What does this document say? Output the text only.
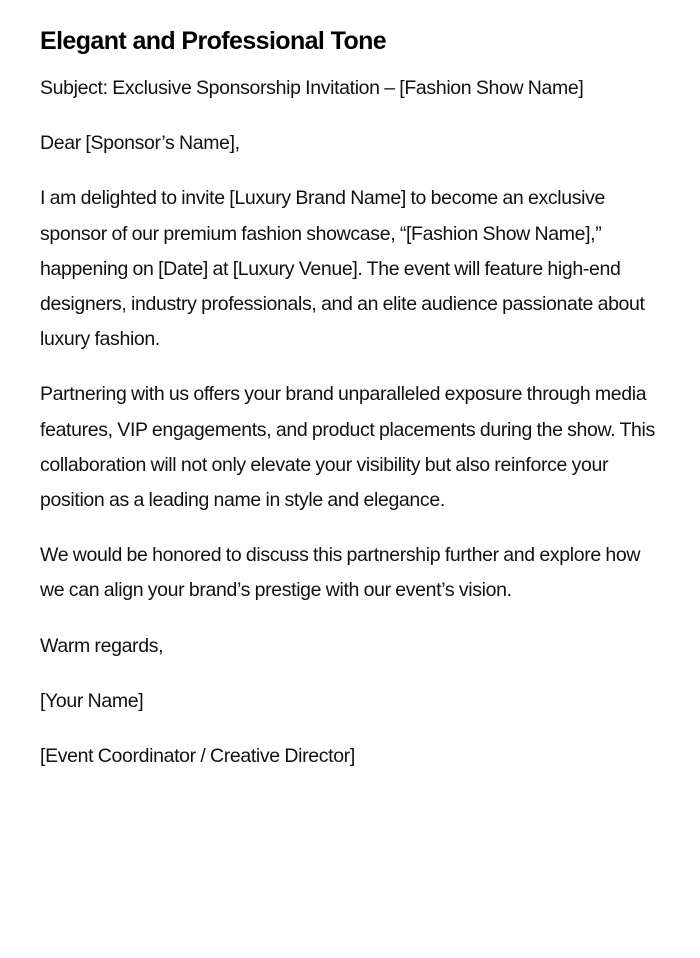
Elegant and Professional Tone

Subject: Exclusive Sponsorship Invitation – [Fashion Show Name]

Dear [Sponsor’s Name],

I am delighted to invite [Luxury Brand Name] to become an exclusive sponsor of our premium fashion showcase, “[Fashion Show Name],” happening on [Date] at [Luxury Venue]. The event will feature high-end designers, industry professionals, and an elite audience passionate about luxury fashion.

Partnering with us offers your brand unparalleled exposure through media features, VIP engagements, and product placements during the show. This collaboration will not only elevate your visibility but also reinforce your position as a leading name in style and elegance.

We would be honored to discuss this partnership further and explore how we can align your brand’s prestige with our event’s vision.

Warm regards,

[Your Name]

[Event Coordinator / Creative Director]
